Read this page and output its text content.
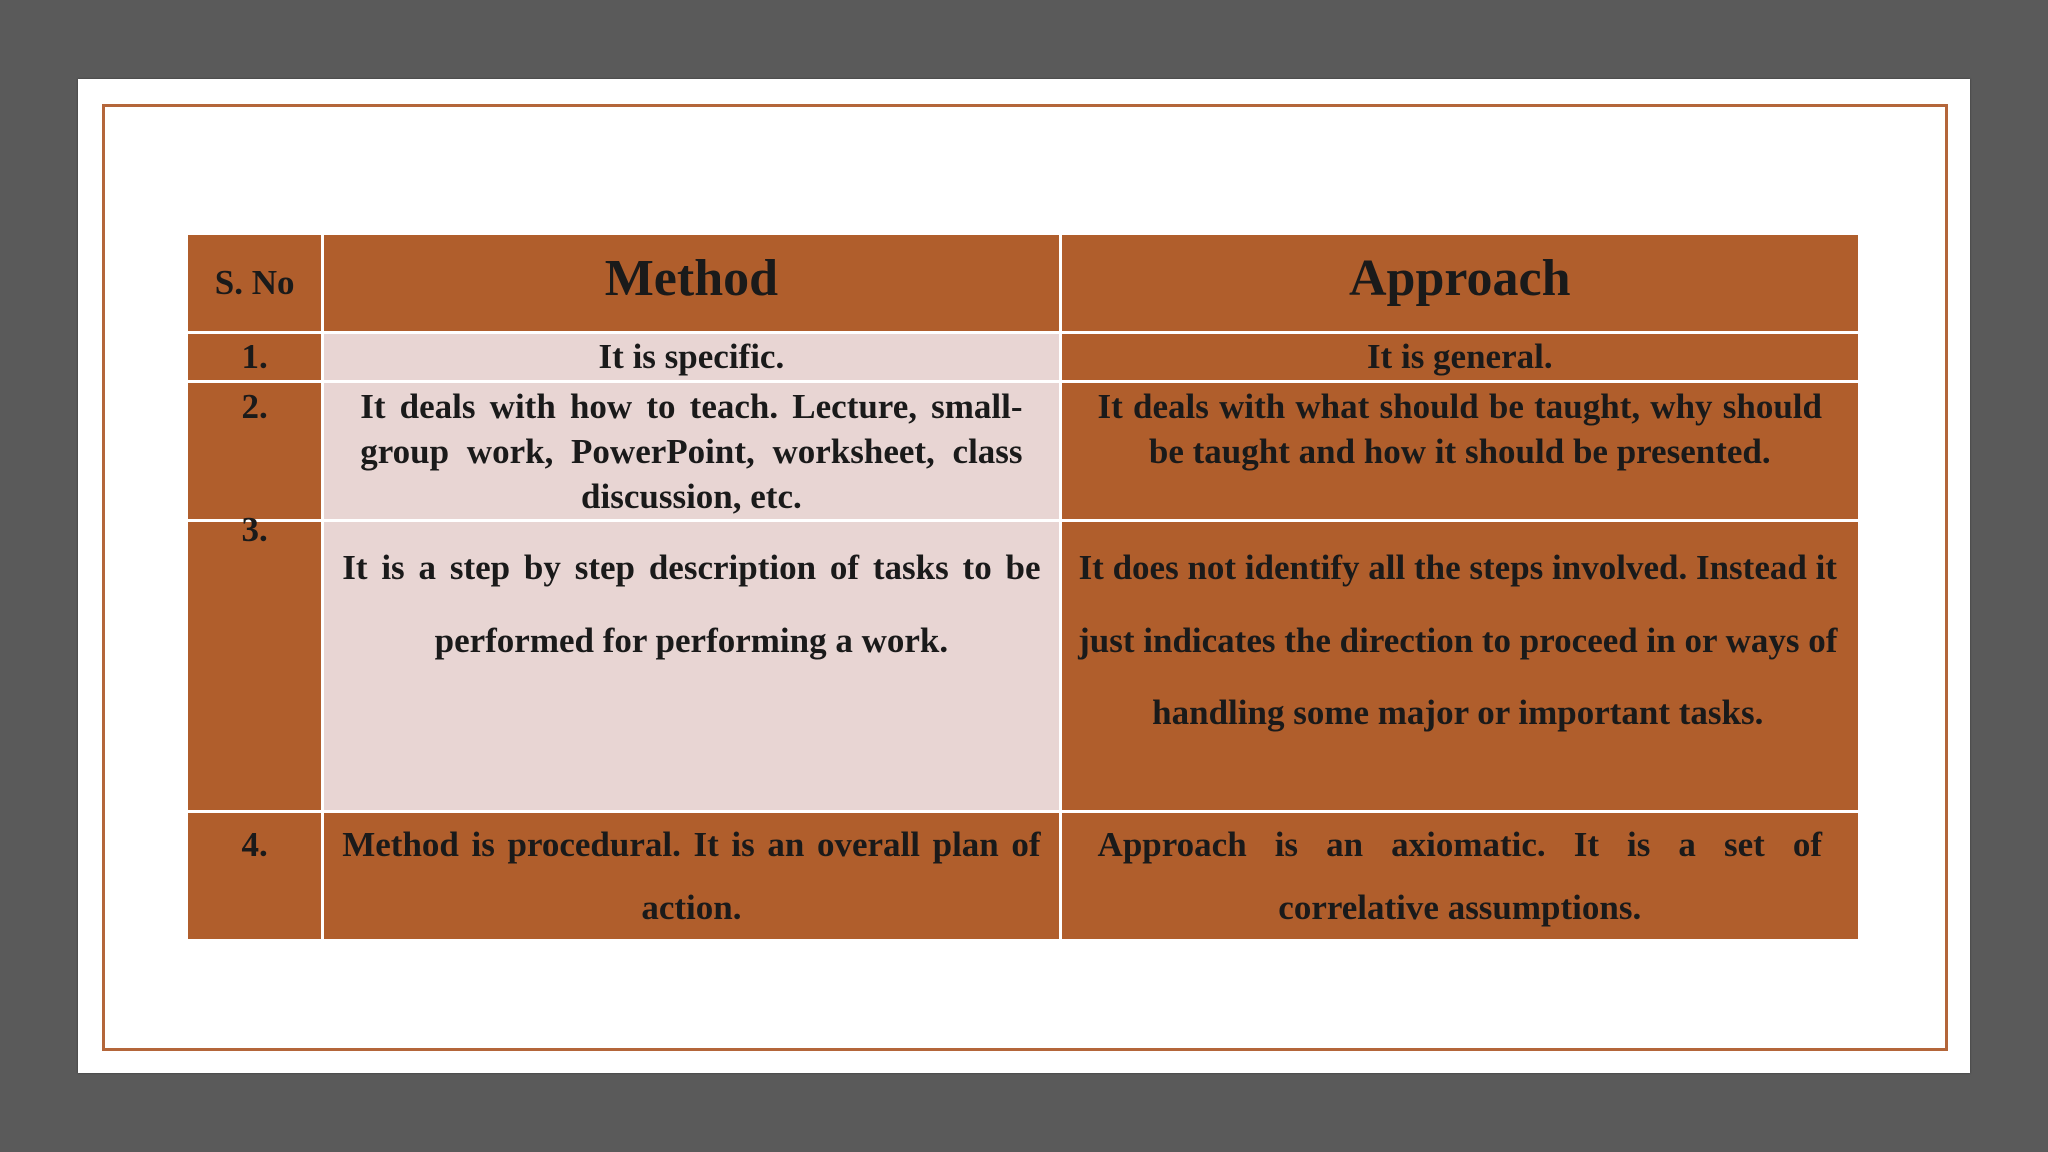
S. No	Method	Approach
1.	It is specific.	It is general.
2.	It deals with how to teach. Lecture, small-group work, PowerPoint, worksheet, class discussion, etc.	It deals with what should be taught, why should be taught and how it should be presented.

3.	It is a step by step description of tasks to be performed for performing a work.	It does not identify all the steps involved. Instead it just indicates the direction to proceed in or ways of handling some major or important tasks.

4.	Method is procedural. It is an overall plan of action.	Approach is an axiomatic. It is a set of correlative assumptions.
